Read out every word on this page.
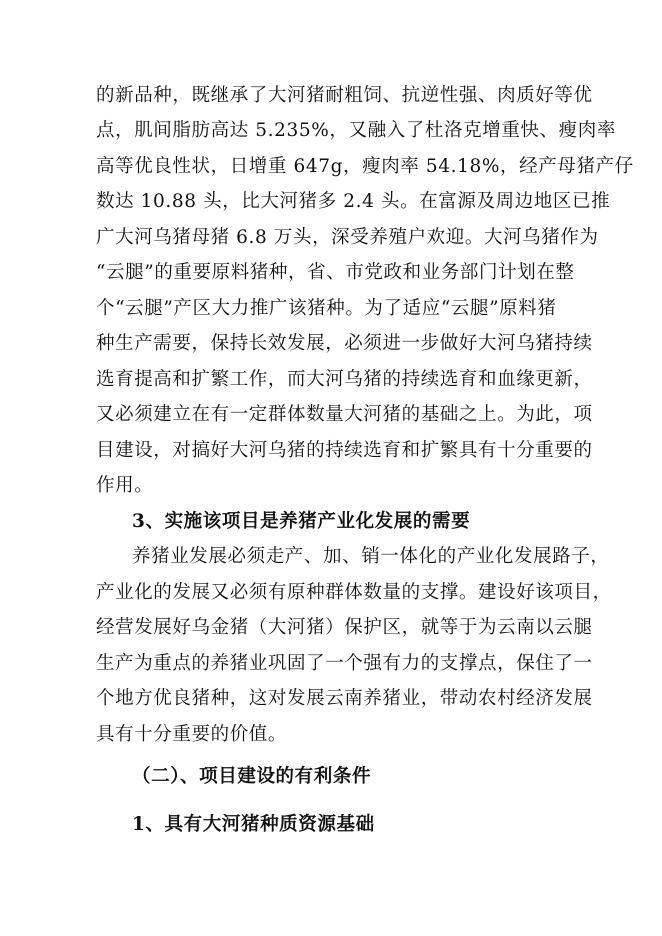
的新品种，既继承了大河猪耐粗饲、抗逆性强、肉质好等优
点，肌间脂肪高达 5.235%，又融入了杜洛克增重快、瘦肉率
高等优良性状，日增重 647g，瘦肉率 54.18%，经产母猪产仔
数达 10.88 头，比大河猪多 2.4 头。在富源及周边地区已推
广大河乌猪母猪 6.8 万头，深受养殖户欢迎。大河乌猪作为
“云腿”的重要原料猪种，省、市党政和业务部门计划在整
个“云腿”产区大力推广该猪种。为了适应“云腿”原料猪
种生产需要，保持长效发展，必须进一步做好大河乌猪持续
选育提高和扩繁工作，而大河乌猪的持续选育和血缘更新，
又必须建立在有一定群体数量大河猪的基础之上。为此，项
目建设，对搞好大河乌猪的持续选育和扩繁具有十分重要的
作用。
3、实施该项目是养猪产业化发展的需要
养猪业发展必须走产、加、销一体化的产业化发展路子，
产业化的发展又必须有原种群体数量的支撑。建设好该项目，
经营发展好乌金猪（大河猪）保护区，就等于为云南以云腿
生产为重点的养猪业巩固了一个强有力的支撑点，保住了一
个地方优良猪种，这对发展云南养猪业，带动农村经济发展
具有十分重要的价值。
（二）、项目建设的有利条件
1、具有大河猪种质资源基础
